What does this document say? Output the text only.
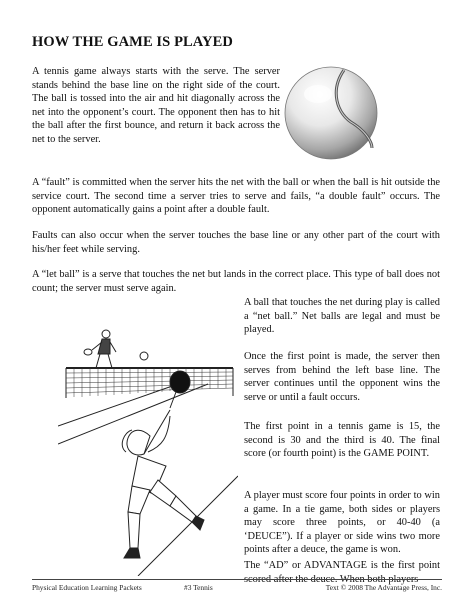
HOW THE GAME IS PLAYED

A tennis game always starts with the serve. The server stands behind the base line on the right side of the court. The ball is tossed into the air and hit diagonally across the net into the opponent’s court. The opponent then has to hit the ball after the first bounce, and return it back across the net to the server.

A “fault” is committed when the server hits the net with the ball or when the ball is hit outside the service court. The second time a server tries to serve and fails, “a double fault” occurs. The opponent automatically gains a point after a double fault.

Faults can also occur when the server touches the base line or any other part of the court with his/her feet while serving.

A “let ball” is a serve that touches the net but lands in the correct place. This type of ball does not count; the server must serve again.

A ball that touches the net during play is called a “net ball.” Net balls are legal and must be played.

Once the first point is made, the server then serves from behind the left base line. The server continues until the opponent wins the serve or until a fault occurs.

The first point in a tennis game is 15, the second is 30 and the third is 40. The final score (or fourth point) is the GAME POINT.

A player must score four points in order to win a game. In a tie game, both sides or players may score three points, or 40-40 (a ‘DEUCE”). If a player or side wins two more points after a deuce, the game is won.

The “AD” or ADVANTAGE is the first point scored after the deuce. When both players

Physical Education Learning Packets	#3 Tennis	Text © 2008 The Advantage Press, Inc.
